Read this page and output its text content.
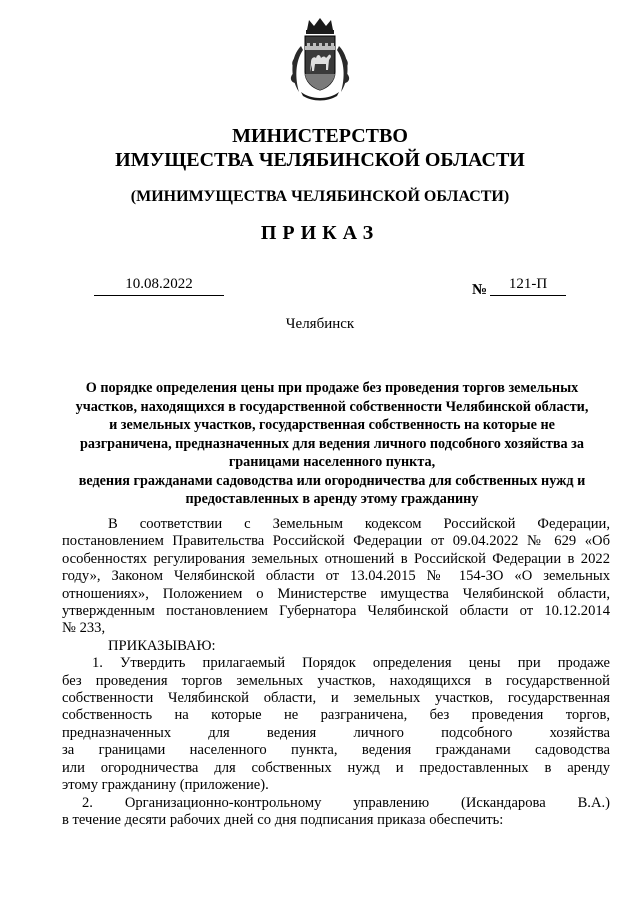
МИНИСТЕРСТВО
ИМУЩЕСТВА ЧЕЛЯБИНСКОЙ ОБЛАСТИ
(МИНИМУЩЕСТВА ЧЕЛЯБИНСКОЙ ОБЛАСТИ)
ПРИКАЗ
10.08.2022	№	121-П
Челябинск
О порядке определения цены при продаже без проведения торгов земельных
участков, находящихся в государственной собственности Челябинской области,
и земельных участков, государственная собственность на которые не
разграничена, предназначенных для ведения личного подсобного хозяйства за
границами населенного пункта,
ведения гражданами садоводства или огородничества для собственных нужд и
предоставленных в аренду этому гражданину
В соответствии с Земельным кодексом Российской Федерации,
постановлением Правительства Российской Федерации от 09.04.2022 № 629 «Об
особенностях регулирования земельных отношений в Российской Федерации в 2022
году», Законом Челябинской области от 13.04.2015 № 154-ЗО «О земельных
отношениях», Положением о Министерстве имущества Челябинской области,
утвержденным постановлением Губернатора Челябинской области от 10.12.2014
№ 233,
ПРИКАЗЫВАЮ:
1. Утвердить прилагаемый Порядок определения цены при продаже
без проведения торгов земельных участков, находящихся в государственной
собственности Челябинской области, и земельных участков, государственная
собственность на которые не разграничена, без проведения торгов,
предназначенных для ведения личного подсобного хозяйства
за границами населенного пункта, ведения гражданами садоводства
или огородничества для собственных нужд и предоставленных в аренду
этому гражданину (приложение).
2. Организационно-контрольному управлению (Искандарова В.А.)
в течение десяти рабочих дней со дня подписания приказа обеспечить:
